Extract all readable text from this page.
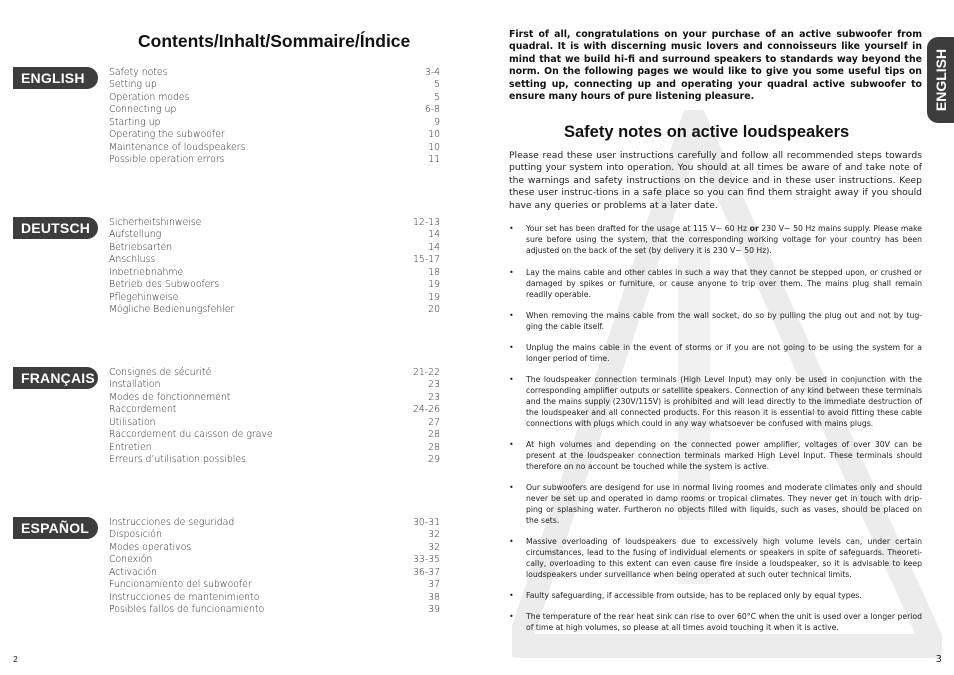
Contents/Inhalt/Sommaire/Índice
ENGLISH	Safety notes	3-4
Setting up	5
Operation modes	5
Connecting up	6-8
Starting up	9
Operating the subwoofer	10
Maintenance of loudspeakers	10
Possible operation errors	11
DEUTSCH	Sicherheitshinweise	12-13
Aufstellung	14
Betriebsarten	14
Anschluss	15-17
Inbetriebnahme	18
Betrieb des Subwoofers	19
Pflegehinweise	19
Mögliche Bedienungsfehler	20
FRANÇAIS	Consignes de sécurité	21-22
Installation	23
Modes de fonctionnement	23
Raccordement	24-26
Utilisation	27
Raccordement du caisson de grave	28
Entretien	28
Erreurs d’utilisation possibles	29
ESPAÑOL	Instrucciones de seguridad	30-31
Disposición	32
Modes operativos	32
Conexión	33-35
Activación	36-37
Funcionamiento del subwoofer	37
Instrucciones de mantenimiento	38
Posibles fallos de funcionamiento	39
2
ENGLISH

First of all, congratulations on your purchase of an active subwoofer from quadral. It is with discerning music lovers and connoisseurs like yourself in mind that we build hi-fi and surround speakers to standards way beyond the norm. On the following pages we would like to give you some useful tips on setting up, connecting up and operating your quadral active subwoofer to ensure many hours of pure listening pleasure.

Safety notes on active loudspeakers

Please read these user instructions carefully and follow all recommended steps towards putting your system into operation. You should at all times be aware of and take note of the warnings and safety instructions on the device and in these user instructions. Keep these user instruc-tions in a safe place so you can find them straight away if you should have any queries or problems at a later date.

• Your set has been drafted for the usage at 115 V~ 60 Hz or 230 V~ 50 Hz mains supply. Please make sure before using the system, that the corresponding working voltage for your country has been adjusted on the back of the set (by delivery it is 230 V~ 50 Hz).
• Lay the mains cable and other cables in such a way that they cannot be stepped upon, or crushed or damaged by spikes or furniture, or cause anyone to trip over them. The mains plug shall remain readily operable.
• When removing the mains cable from the wall socket, do so by pulling the plug out and not by tug-ging the cable itself.
• Unplug the mains cable in the event of storms or if you are not going to be using the system for a longer period of time.
• The loudspeaker connection terminals (High Level Input) may only be used in conjunction with the corresponding amplifier outputs or satellite speakers. Connection of any kind between these terminals and the mains supply (230V/115V) is prohibited and will lead directly to the immediate destruction of the loudspeaker and all connected products. For this reason it is essential to avoid fitting these cable connections with plugs which could in any way whatsoever be confused with mains plugs.
• At high volumes and depending on the connected power amplifier, voltages of over 30V can be present at the loudspeaker connection terminals marked High Level Input. These terminals should therefore on no account be touched while the system is active.
• Our subwoofers are desigend for use in normal living roomes and moderate climates only and should never be set up and operated in damp rooms or tropical climates. They never get in touch with drip-ping or splashing water. Furtheron no objects filled with liquids, such as vases, should be placed on the sets.
• Massive overloading of loudspeakers due to excessively high volume levels can, under certain circumstances, lead to the fusing of individual elements or speakers in spite of safeguards. Theoreti-cally, overloading to this extent can even cause fire inside a loudspeaker, so it is advisable to keep loudspeakers under surveillance when being operated at such outer technical limits.
• Faulty safeguarding, if accessible from outside, has to be replaced only by equal types.
• The temperature of the rear heat sink can rise to over 60°C when the unit is used over a longer period of time at high volumes, so please at all times avoid touching it when it is active.
3
